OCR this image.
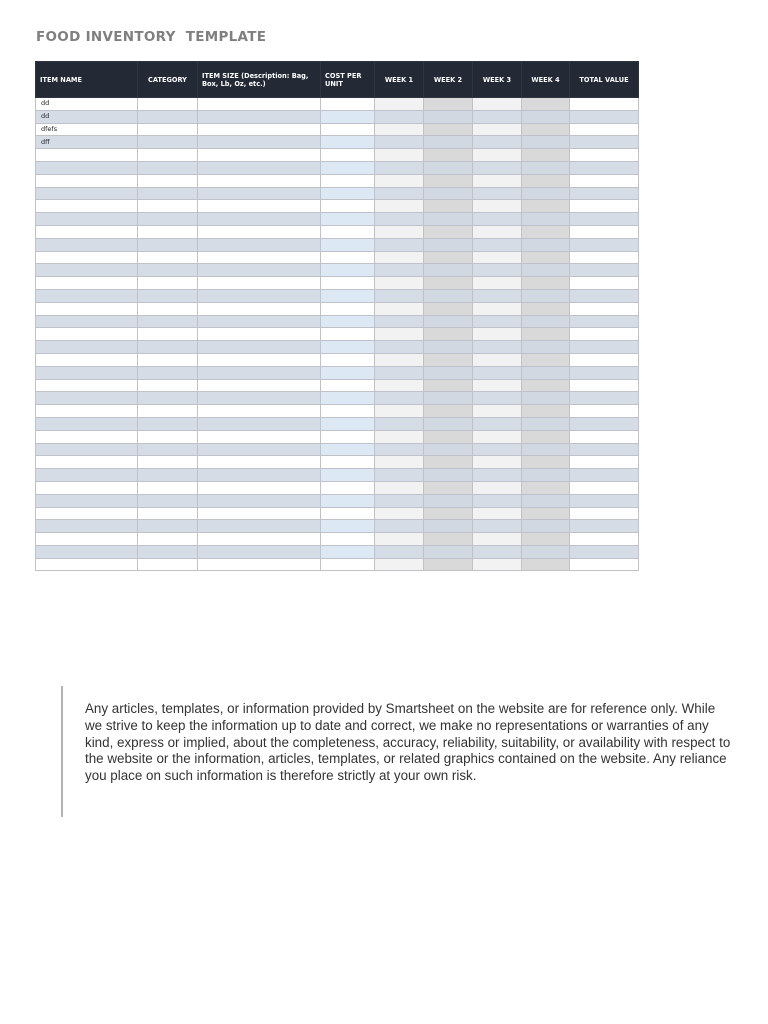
FOOD INVENTORY  TEMPLATE
ITEM NAME	CATEGORY	ITEM SIZE (Description: Bag, Box, Lb, Oz, etc.)	COST PER UNIT	WEEK 1	WEEK 2	WEEK 3	WEEK 4	TOTAL VALUE
dd								
dd								
dfefs								
dff								

Any articles, templates, or information provided by Smartsheet on the website are for reference only. While we strive to keep the information up to date and correct, we make no representations or warranties of any kind, express or implied, about the completeness, accuracy, reliability, suitability, or availability with respect to the website or the information, articles, templates, or related graphics contained on the website. Any reliance you place on such information is therefore strictly at your own risk.
